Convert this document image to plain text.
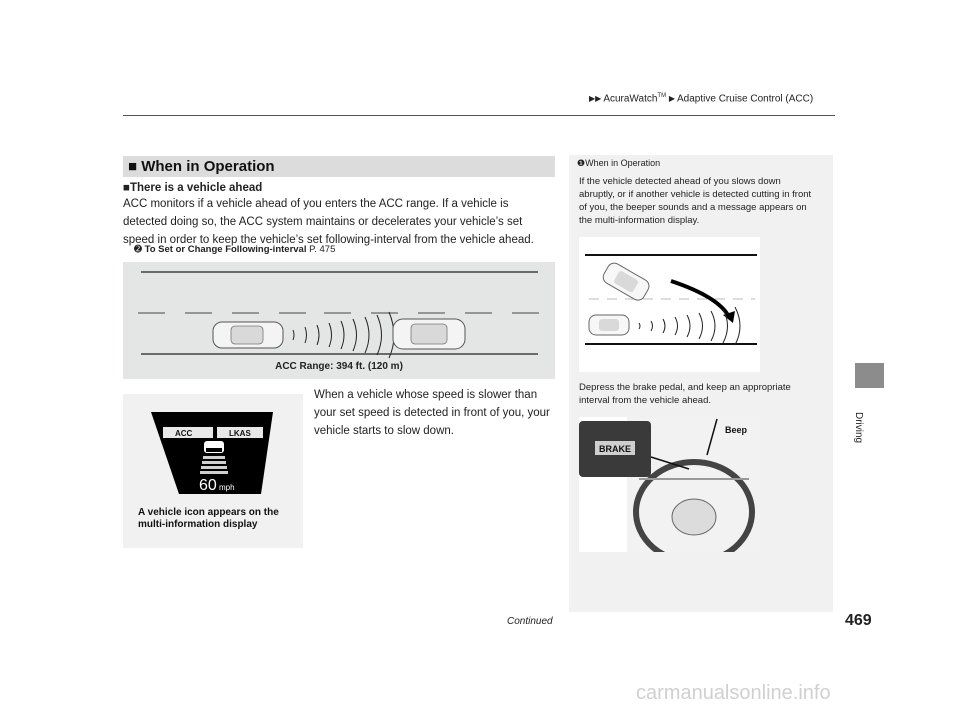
▶▶ AcuraWatch™ ▶ Adaptive Cruise Control (ACC)
Driving
■ When in Operation
■There is a vehicle ahead
ACC monitors if a vehicle ahead of you enters the ACC range. If a vehicle is detected doing so, the ACC system maintains or decelerates your vehicle’s set speed in order to keep the vehicle’s set following-interval from the vehicle ahead.
➋ To Set or Change Following-interval P. 475
ACC Range: 394 ft. (120 m)
When a vehicle whose speed is slower than your set speed is detected in front of you, your vehicle starts to slow down.
ACC	LKAS
60 mph
A vehicle icon appears on the multi-information display
❶When in Operation
If the vehicle detected ahead of you slows down abruptly, or if another vehicle is detected cutting in front of you, the beeper sounds and a message appears on the multi-information display.
Depress the brake pedal, and keep an appropriate interval from the vehicle ahead.
BRAKE
Beep
Continued	469
carmanualsonline.info
